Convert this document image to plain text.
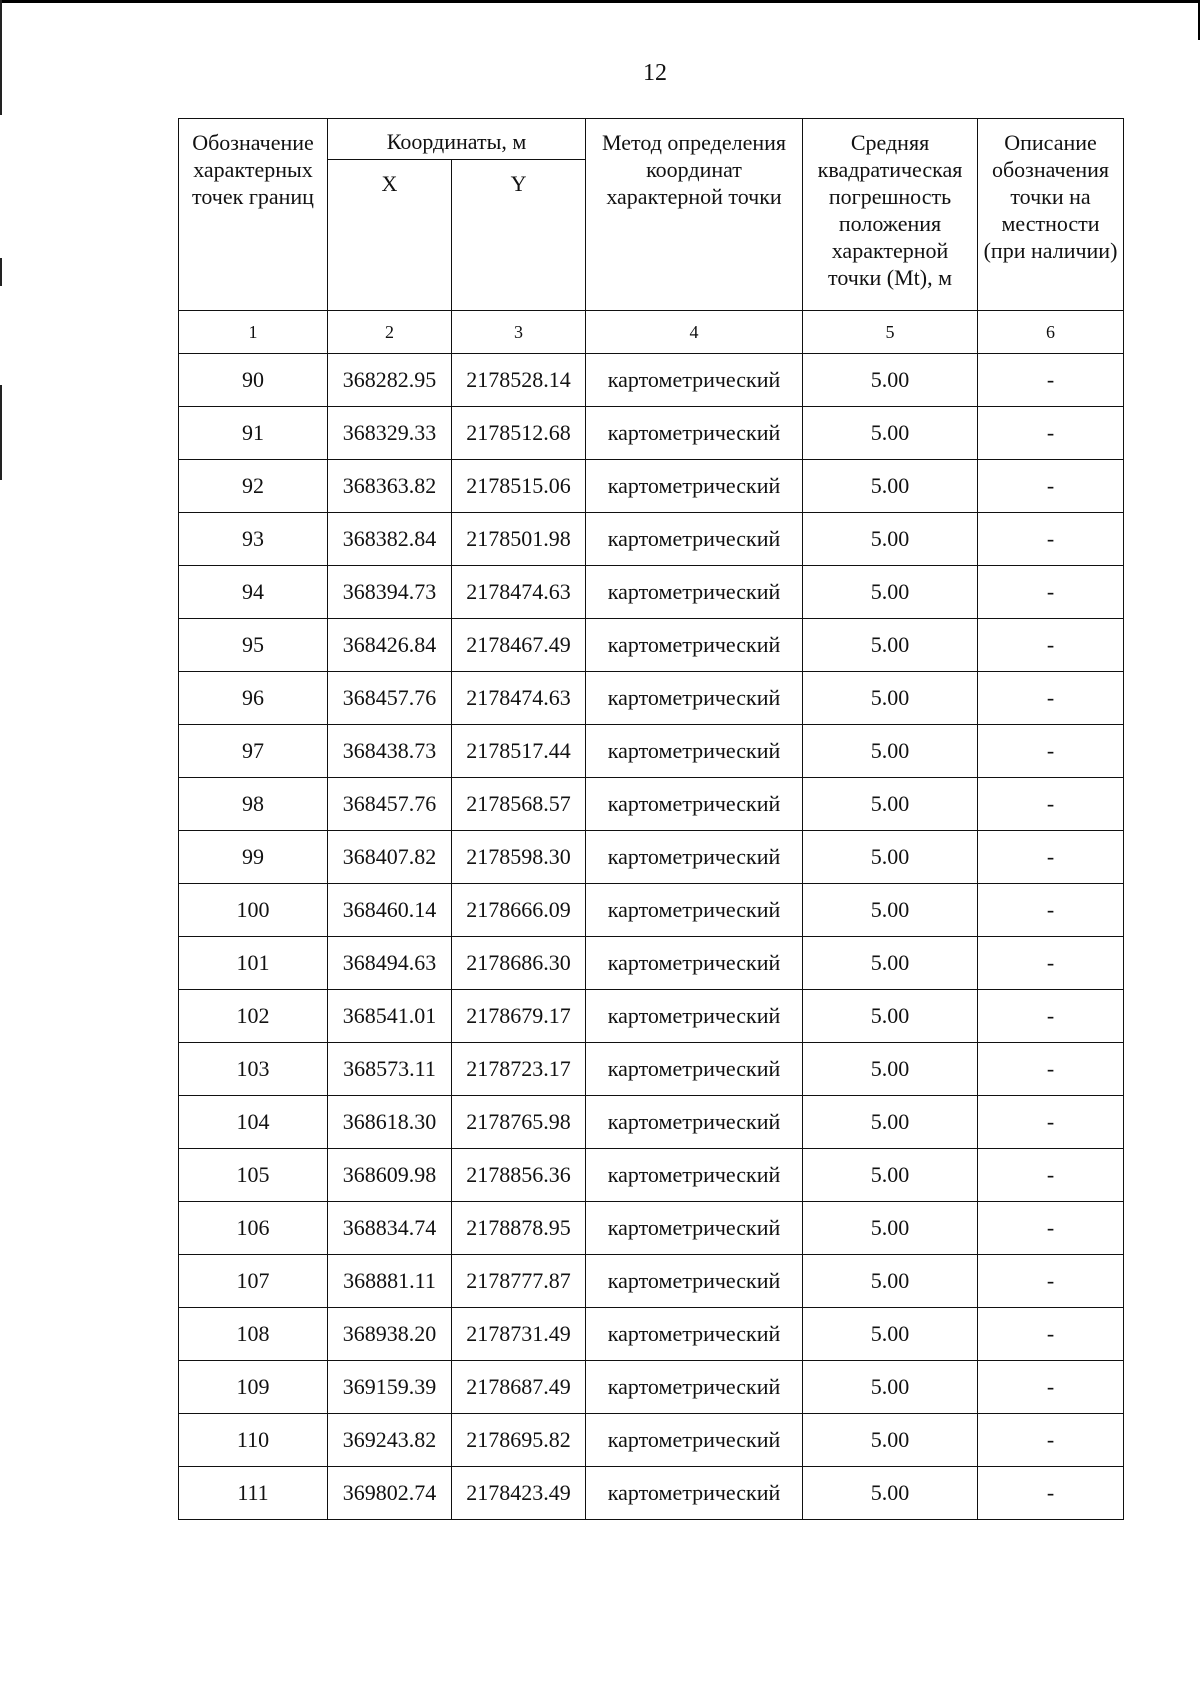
12
Обозначение характерных точек границ	Координаты, м		Метод определения координат характерной точки	Средняя квадратическая погрешность положения характерной точки (Mt), м	Описание обозначения точки на местности (при наличии)
	X	Y			
1	2	3	4	5	6
90	368282.95	2178528.14	картометрический	5.00	-
91	368329.33	2178512.68	картометрический	5.00	-
92	368363.82	2178515.06	картометрический	5.00	-
93	368382.84	2178501.98	картометрический	5.00	-
94	368394.73	2178474.63	картометрический	5.00	-
95	368426.84	2178467.49	картометрический	5.00	-
96	368457.76	2178474.63	картометрический	5.00	-
97	368438.73	2178517.44	картометрический	5.00	-
98	368457.76	2178568.57	картометрический	5.00	-
99	368407.82	2178598.30	картометрический	5.00	-
100	368460.14	2178666.09	картометрический	5.00	-
101	368494.63	2178686.30	картометрический	5.00	-
102	368541.01	2178679.17	картометрический	5.00	-
103	368573.11	2178723.17	картометрический	5.00	-
104	368618.30	2178765.98	картометрический	5.00	-
105	368609.98	2178856.36	картометрический	5.00	-
106	368834.74	2178878.95	картометрический	5.00	-
107	368881.11	2178777.87	картометрический	5.00	-
108	368938.20	2178731.49	картометрический	5.00	-
109	369159.39	2178687.49	картометрический	5.00	-
110	369243.82	2178695.82	картометрический	5.00	-
111	369802.74	2178423.49	картометрический	5.00	-
